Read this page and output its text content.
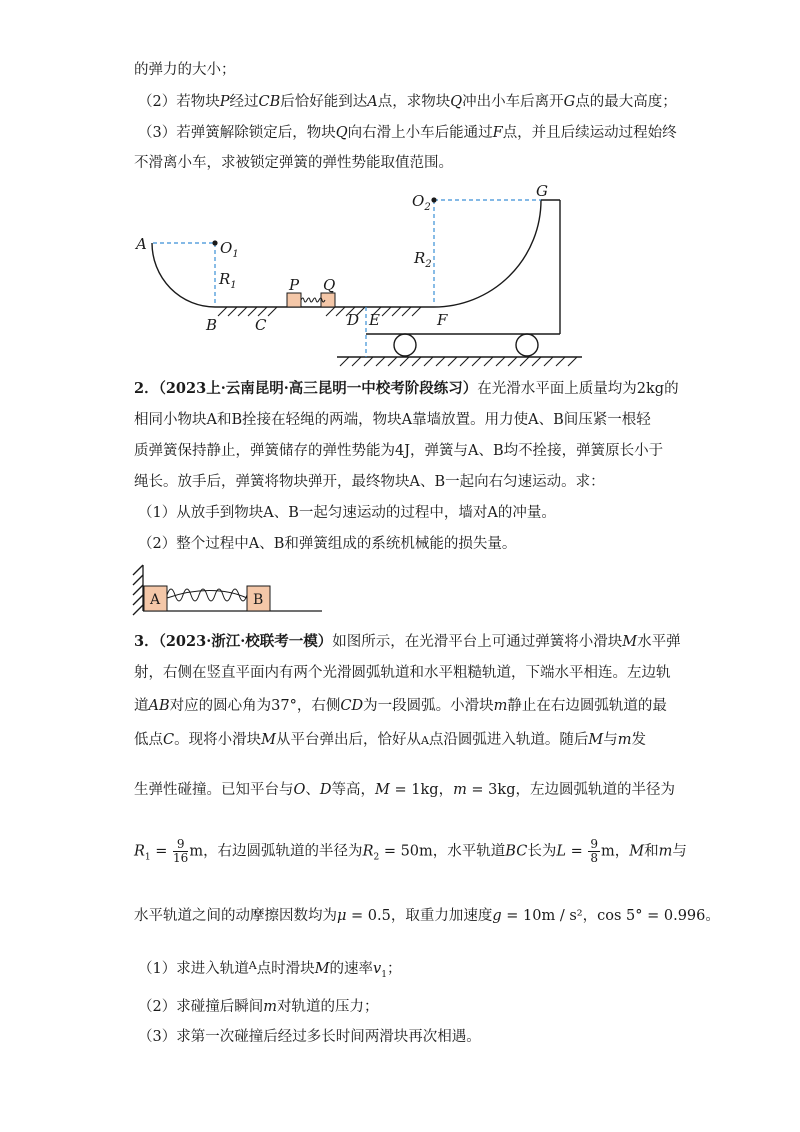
的弹力的大小；
（2）若物块P经过CB后恰好能到达A点，求物块Q冲出小车后离开G点的最大高度；
（3）若弹簧解除锁定后，物块Q向右滑上小车后能通过F点，并且后续运动过程始终
不滑离小车，求被锁定弹簧的弹性势能取值范围。
A	$O_1$
$R_1$
B	C
P Q
D E	F
$O_2$
$R_2$
G
2．（2023上·云南昆明·高三昆明一中校考阶段练习）在光滑水平面上质量均为2kg的
相同小物块A和B拴接在轻绳的两端，物块A靠墙放置。用力使A、B间压紧一根轻
质弹簧保持静止，弹簧储存的弹性势能为4J，弹簧与A、B均不拴接，弹簧原长小于
绳长。放手后，弹簧将物块弹开，最终物块A、B一起向右匀速运动。求：
（1）从放手到物块A、B一起匀速运动的过程中，墙对A的冲量。
（2）整个过程中A、B和弹簧组成的系统机械能的损失量。
A	B
3．（2023·浙江·校联考一模）如图所示，在光滑平台上可通过弹簧将小滑块M水平弹
射，右侧在竖直平面内有两个光滑圆弧轨道和水平粗糙轨道，下端水平相连。左边轨
道AB对应的圆心角为37°，右侧CD为一段圆弧。小滑块m静止在右边圆弧轨道的最
低点C。现将小滑块M从平台弹出后，恰好从A点沿圆弧进入轨道。随后M与m发
生弹性碰撞。已知平台与O、D等高，M = 1kg，m = 3kg，左边圆弧轨道的半径为
$R_1 = \frac{9}{16}$ m，右边圆弧轨道的半径为$R_2 = 50m$，水平轨道BC长为$L = \frac{9}{8}$ m，M和m与
水平轨道之间的动摩擦因数均为μ = 0.5，取重力加速度g = 10m / s²，cos 5° = 0.996。
（1）求进入轨道$^A$点时滑块M的速率$v_1$；
（2）求碰撞后瞬间m对轨道的压力；
（3）求第一次碰撞后经过多长时间两滑块再次相遇。
